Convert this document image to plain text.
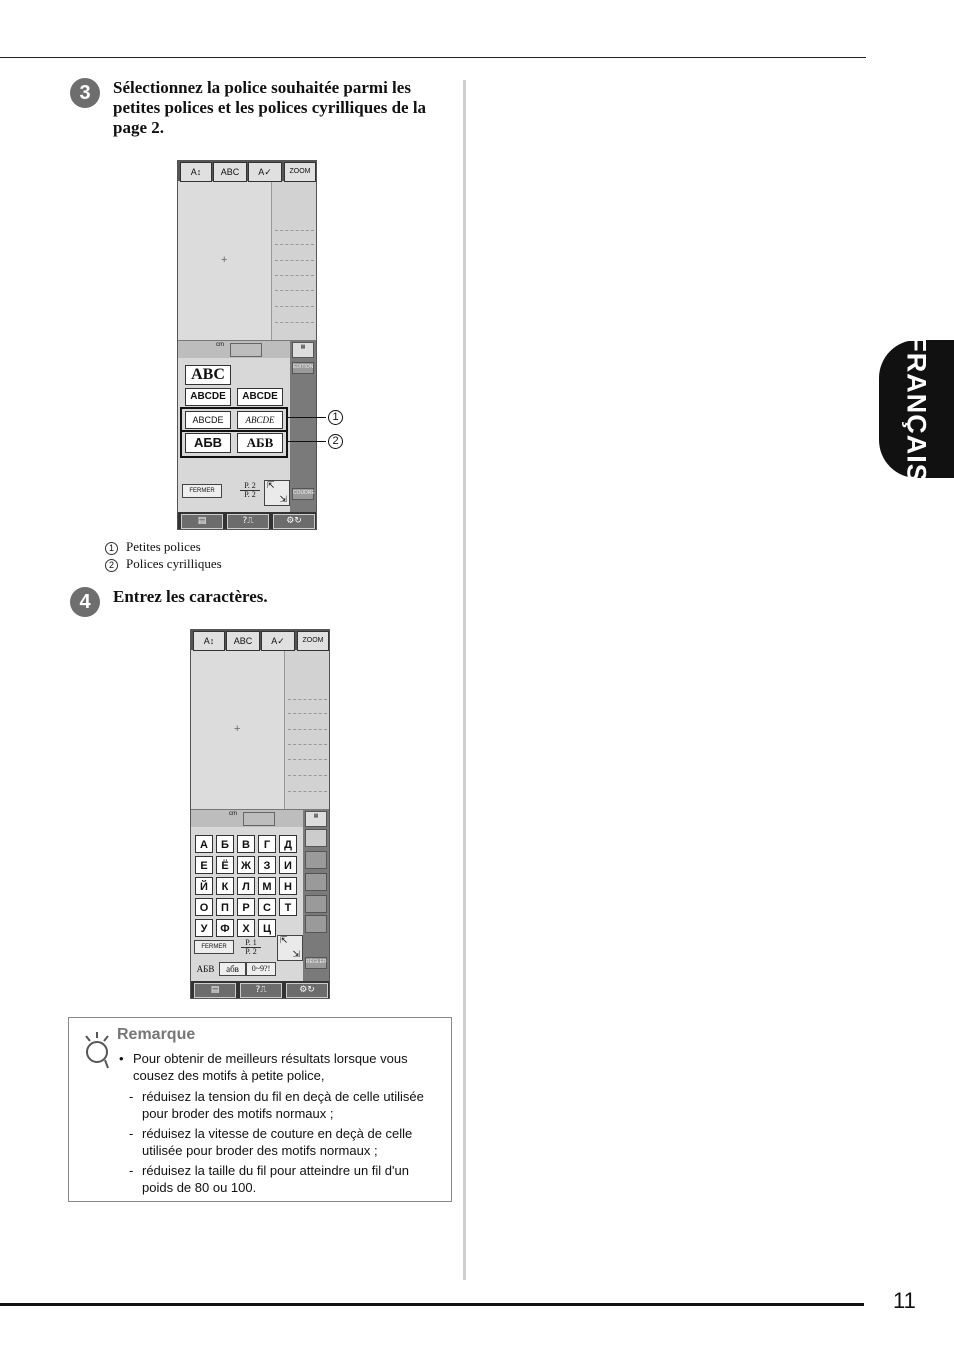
11
FRANÇAIS
3	Sélectionnez la police souhaitée parmi les petites polices et les polices cyrilliques de la page 2.
A↕	ABC	A✓	ZOOM
+
cm	▦
ÉDITION
COUDRE
ABC
ABCDE	ABCDE
ABCDE	ABCDE
АБВ	АБВ
FERMER
P. 2
P. 2
⇱
⇲
▤	?⎍	⚙↻
1
2
1 Petites polices
2 Polices cyrilliques
4	Entrez les caractères.
A↕	ABC	A✓	ZOOM
+
cm	▦
RÉGLER
А	Б	В	Г	Д
Е	Ё	Ж	З	И
Й	К	Л	М	Н
О	П	Р	С	Т
У	Ф	Х	Ц
FERMER	P. 1
P. 2
⇱
⇲
АБВ	абв	0~9?!
▤	?⎍	⚙↻
Remarque
• Pour obtenir de meilleurs résultats lorsque vous cousez des motifs à petite police,
- réduisez la tension du fil en deçà de celle utilisée pour broder des motifs normaux ;
- réduisez la vitesse de couture en deçà de celle utilisée pour broder des motifs normaux ;
- réduisez la taille du fil pour atteindre un fil d'un poids de 80 ou 100.
